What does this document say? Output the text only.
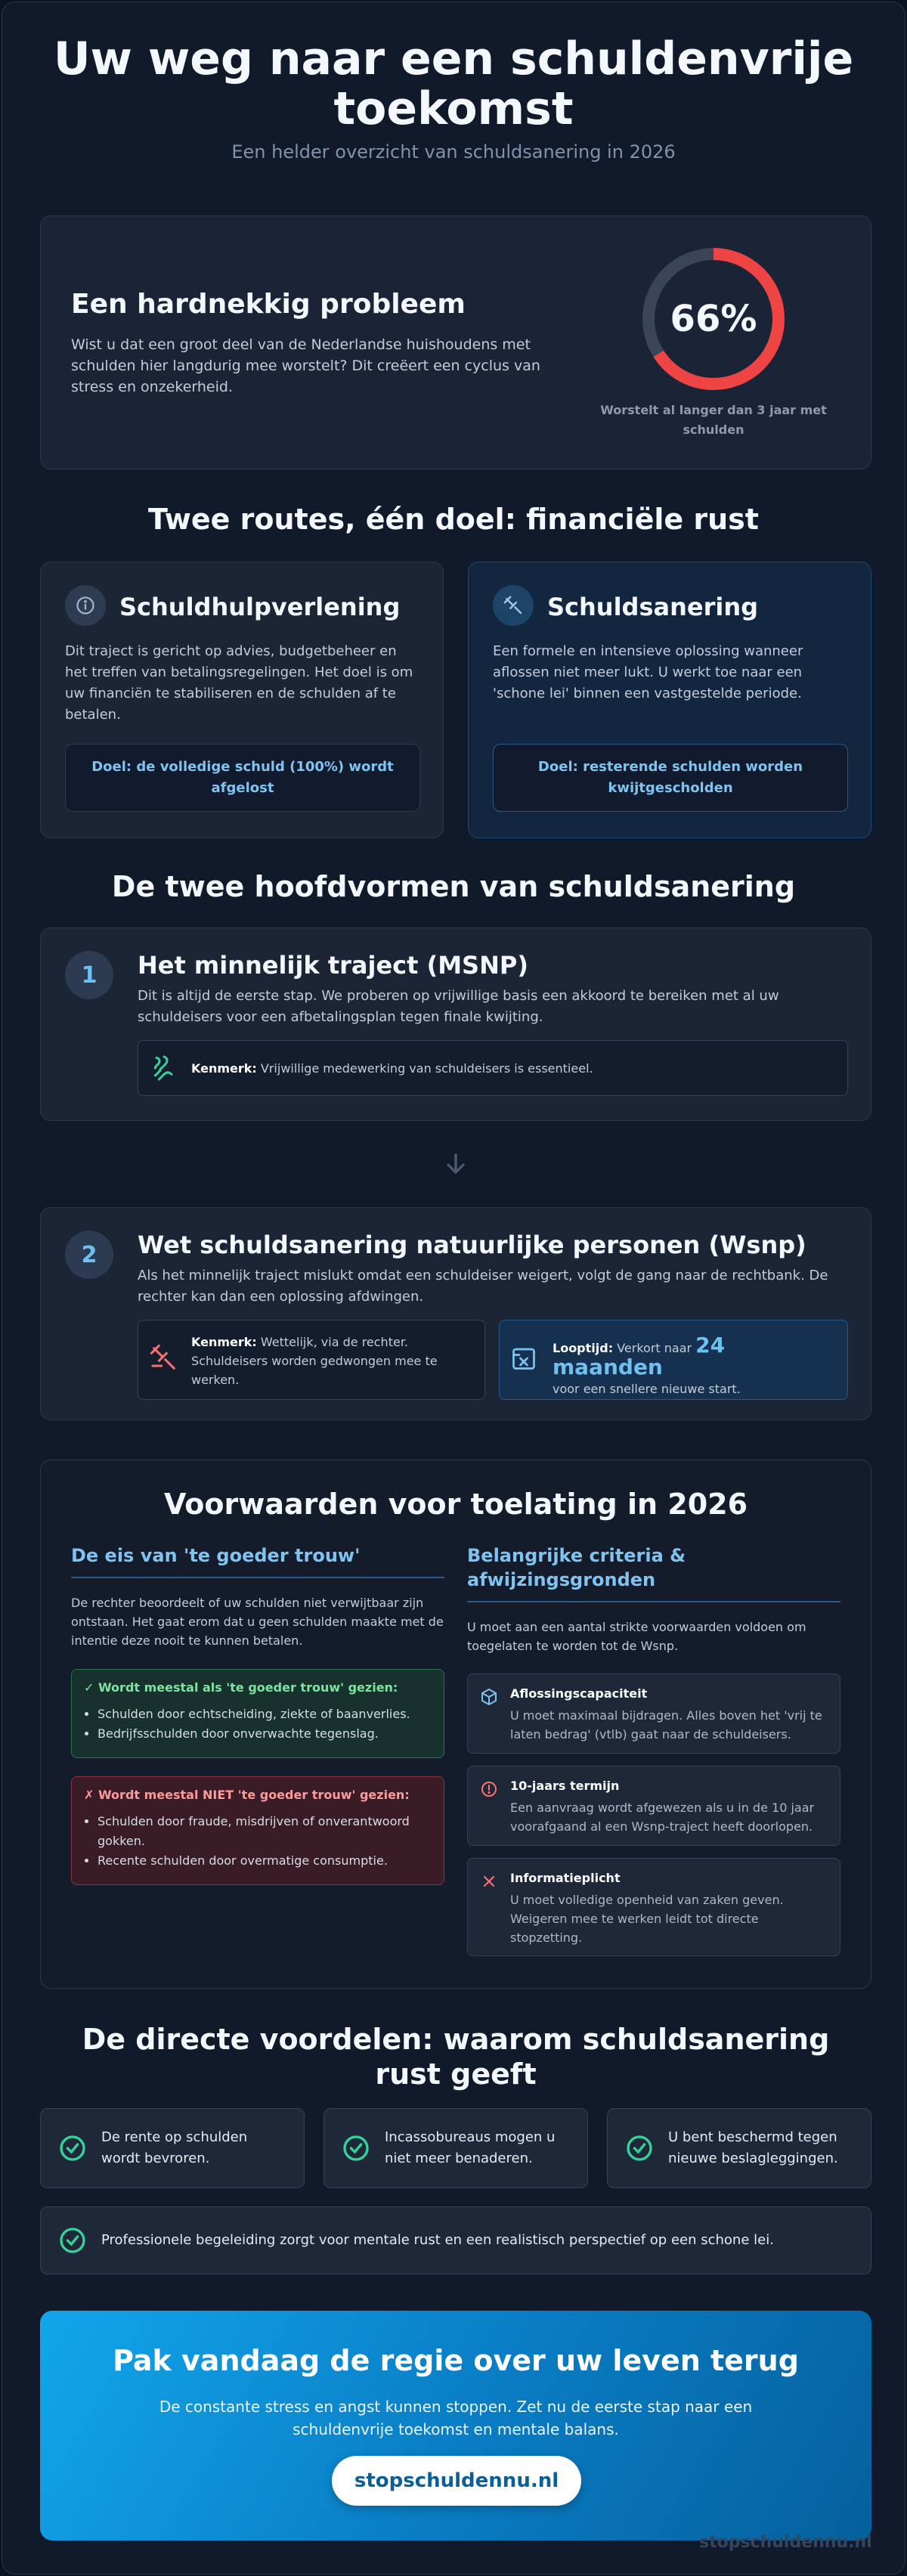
Uw weg naar een schuldenvrije toekomst
Een helder overzicht van schuldsanering in 2026
Een hardnekkig probleem

Wist u dat een groot deel van de Nederlandse huishoudens met schulden hier langdurig mee worstelt? Dit creëert een cyclus van stress en onzekerheid.

66%
Worstelt al langer dan 3 jaar met schulden
Twee routes, één doel: financiële rust
Schuldhulpverlening

Dit traject is gericht op advies, budgetbeheer en het treffen van betalingsregelingen. Het doel is om uw financiën te stabiliseren en de schulden af te betalen.

Doel: de volledige schuld (100%) wordt afgelost
Schuldsanering

Een formele en intensieve oplossing wanneer aflossen niet meer lukt. U werkt toe naar een 'schone lei' binnen een vastgestelde periode.

Doel: resterende schulden worden kwijtgescholden
De twee hoofdvormen van schuldsanering
1	Het minnelijk traject (MSNP)

Dit is altijd de eerste stap. We proberen op vrijwillige basis een akkoord te bereiken met al uw schuldeisers voor een afbetalingsplan tegen finale kwijting.

Kenmerk: Vrijwillige medewerking van schuldeisers is essentieel.
2	Wet schuldsanering natuurlijke personen (Wsnp)

Als het minnelijk traject mislukt omdat een schuldeiser weigert, volgt de gang naar de rechtbank. De rechter kan dan een oplossing afdwingen.

Kenmerk: Wettelijk, via de rechter. Schuldeisers worden gedwongen mee te werken.
Looptijd: Verkort naar 24 maanden
voor een snellere nieuwe start.
Voorwaarden voor toelating in 2026
De eis van 'te goeder trouw'
De rechter beoordeelt of uw schulden niet verwijtbaar zijn ontstaan. Het gaat erom dat u geen schulden maakte met de intentie deze nooit te kunnen betalen.
✓ Wordt meestal als 'te goeder trouw' gezien:
• Schulden door echtscheiding, ziekte of baanverlies.
• Bedrijfsschulden door onverwachte tegenslag.
✗ Wordt meestal NIET 'te goeder trouw' gezien:
• Schulden door fraude, misdrijven of onverantwoord gokken.
• Recente schulden door overmatige consumptie.
Belangrijke criteria & afwijzingsgronden
U moet aan een aantal strikte voorwaarden voldoen om toegelaten te worden tot de Wsnp.
Aflossingscapaciteit
U moet maximaal bijdragen. Alles boven het 'vrij te laten bedrag' (vtlb) gaat naar de schuldeisers.
10-jaars termijn
Een aanvraag wordt afgewezen als u in de 10 jaar voorafgaand al een Wsnp-traject heeft doorlopen.
Informatieplicht
U moet volledige openheid van zaken geven. Weigeren mee te werken leidt tot directe stopzetting.
De directe voordelen: waarom schuldsanering rust geeft
De rente op schulden wordt bevroren.
Incassobureaus mogen u niet meer benaderen.
U bent beschermd tegen nieuwe beslagleggingen.
Professionele begeleiding zorgt voor mentale rust en een realistisch perspectief op een schone lei.
Pak vandaag de regie over uw leven terug

De constante stress en angst kunnen stoppen. Zet nu de eerste stap naar een schuldenvrije toekomst en mentale balans.

stopschuldennu.nl
stopschuldennu.nl
